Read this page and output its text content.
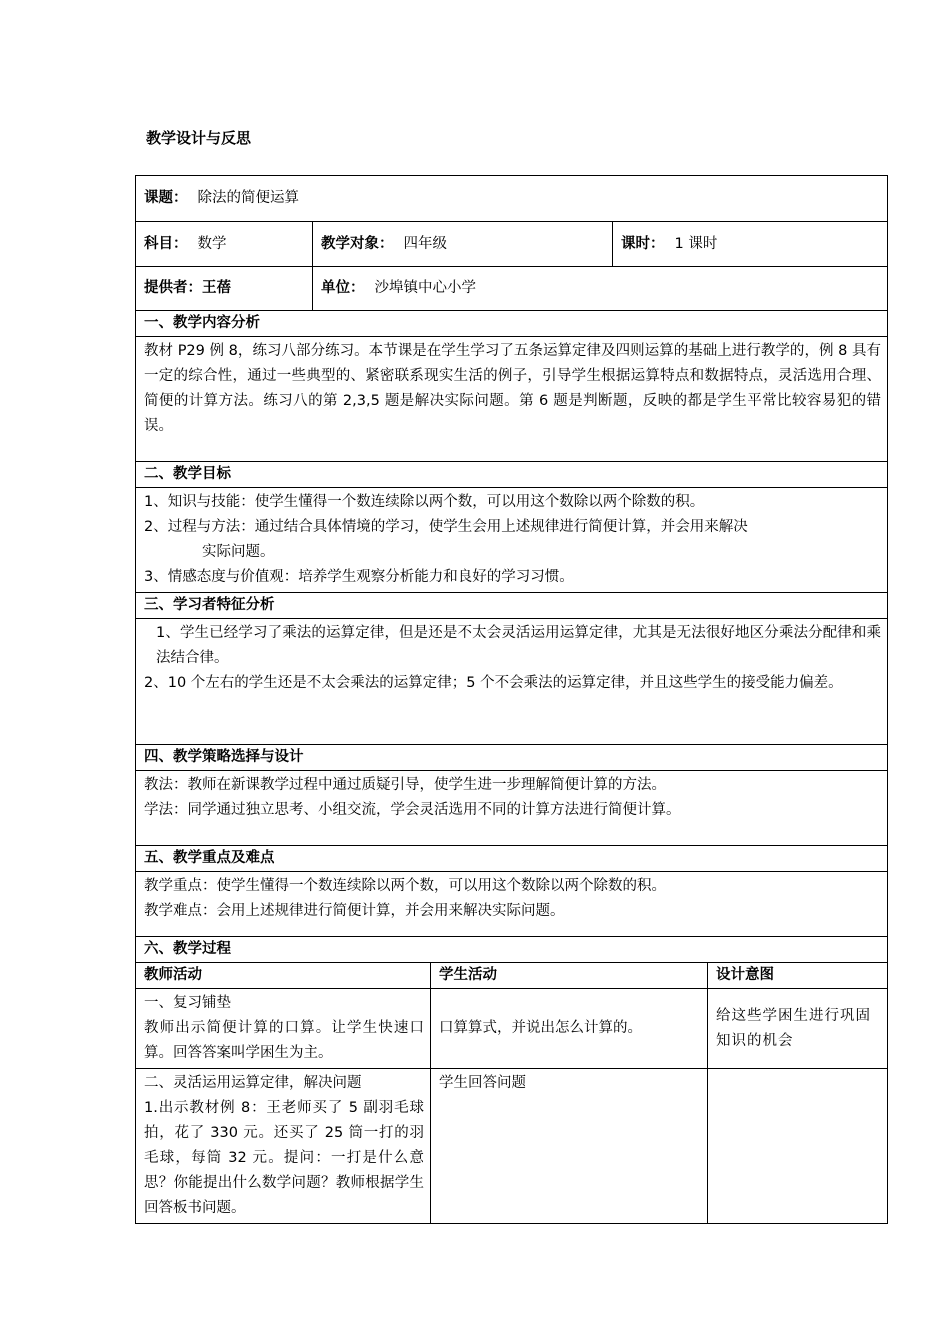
教学设计与反思
课题： 除法的简便运算				
科目： 数学	教学对象： 四年级		课时： 1 课时	
提供者：王蓓	单位： 沙埠镇中心小学			
一、教学内容分析				
教材 P29 例 8，练习八部分练习。本节课是在学生学习了五条运算定律及四则运算的基础上进行教学的，例 8 具有一定的综合性，通过一些典型的、紧密联系现实生活的例子，引导学生根据运算特点和数据特点，灵活选用合理、简便的计算方法。练习八的第 2,3,5 题是解决实际问题。第 6 题是判断题，反映的都是学生平常比较容易犯的错误。				
二、教学目标				

1、知识与技能：使学生懂得一个数连续除以两个数，可以用这个数除以两个除数的积。

2、过程与方法：通过结合具体情境的学习，使学生会用上述规律进行简便计算，并会用来解决

实际问题。

3、情感态度与价值观：培养学生观察分析能力和良好的学习习惯。				

三、学习者特征分析				

1、学生已经学习了乘法的运算定律，但是还是不太会灵活运用运算定律，尤其是无法很好地区分乘法分配律和乘法结合律。

2、10 个左右的学生还是不太会乘法的运算定律；5 个不会乘法的运算定律，并且这些学生的接受能力偏差。				

四、教学策略选择与设计				

教法：教师在新课教学过程中通过质疑引导，使学生进一步理解简便计算的方法。

学法：同学通过独立思考、小组交流，学会灵活选用不同的计算方法进行简便计算。				

五、教学重点及难点				

教学重点：使学生懂得一个数连续除以两个数，可以用这个数除以两个除数的积。

教学难点：会用上述规律进行简便计算，并会用来解决实际问题。				

六、教学过程				
教师活动		学生活动		设计意图

一、复习铺垫

教师出示简便计算的口算。让学生快速口算。回答答案叫学困生为主。		口算算式，并说出怎么计算的。		给这些学困生进行巩固知识的机会

二、灵活运用运算定律，解决问题

1.出示教材例 8：王老师买了 5 副羽毛球拍，花了 330 元。还买了 25 筒一打的羽毛球，每筒 32 元。提问：一打是什么意思？你能提出什么数学问题？教师根据学生回答板书问题。		学生回答问题		
